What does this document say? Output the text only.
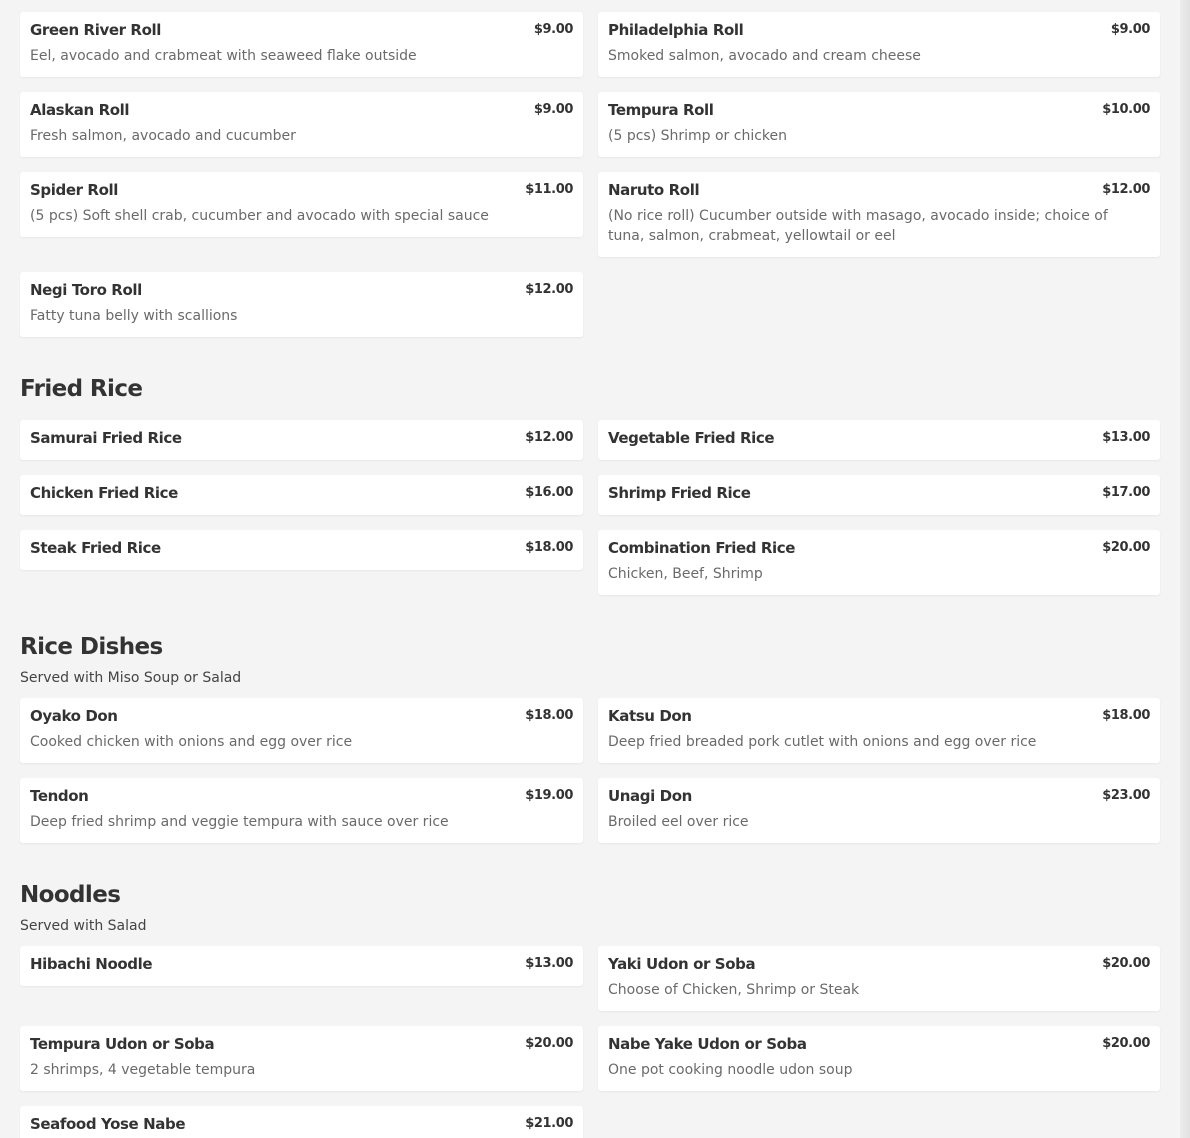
Green River Roll	$9.00
Eel, avocado and crabmeat with seaweed flake outside
Philadelphia Roll	$9.00
Smoked salmon, avocado and cream cheese
Alaskan Roll	$9.00
Fresh salmon, avocado and cucumber
Tempura Roll	$10.00
(5 pcs) Shrimp or chicken
Spider Roll	$11.00
(5 pcs) Soft shell crab, cucumber and avocado with special sauce
Naruto Roll	$12.00
(No rice roll) Cucumber outside with masago, avocado inside; choice of tuna, salmon, crabmeat, yellowtail or eel
Negi Toro Roll	$12.00
Fatty tuna belly with scallions
Fried Rice
Samurai Fried Rice	$12.00 Vegetable Fried Rice	$13.00
Chicken Fried Rice	$16.00 Shrimp Fried Rice	$17.00
Steak Fried Rice	$18.00 Combination Fried Rice	$20.00
Chicken, Beef, Shrimp
Rice Dishes
Served with Miso Soup or Salad
Oyako Don	$18.00
Cooked chicken with onions and egg over rice
Katsu Don	$18.00
Deep fried breaded pork cutlet with onions and egg over rice
Tendon	$19.00
Deep fried shrimp and veggie tempura with sauce over rice
Unagi Don	$23.00
Broiled eel over rice
Noodles
Served with Salad
Hibachi Noodle	$13.00 Yaki Udon or Soba	$20.00
Choose of Chicken, Shrimp or Steak
Tempura Udon or Soba	$20.00
2 shrimps, 4 vegetable tempura
Nabe Yake Udon or Soba	$20.00
One pot cooking noodle udon soup
Seafood Yose Nabe	$21.00
